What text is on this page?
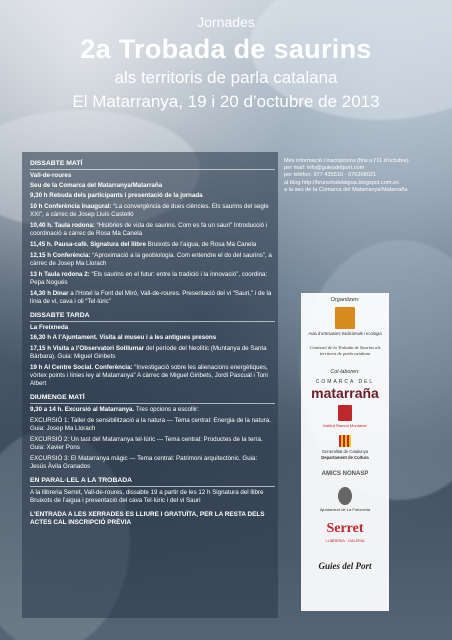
Jornades
2a Trobada de saurins
als territoris de parla catalana
El Matarranya, 19 i 20 d’octubre de 2013
DISSABTE MATÍ
Vall-de-roures
Seu de la Comarca del Matarranya/Matarraña
9,30 h Rebuda dels participants i presentació de la jornada
10 h Conferència inaugural: “La convergència de dues ciències. Els saurins del segle XXI”, a càrrec de Josep Lluís Castelló
10,40 h. Taula rodona: “Històries de vida de saurins. Com es fa un sauri” Introducció i coordinació a càrrec de Rosa Ma Canela
11,45 h. Pausa-cafè. Signatura del llibre Bruixots de l’aigua, de Rosa Ma Canela
12,15 h Conferència: “Aproximació a la geobiologia. Com entendre el do del saurins”, a càrrec de Josep Ma Llorach
13 h Taula rodona 2: “Els saurins en el futur: entre la tradició i la innovació”, coordina: Pepa Nogués
14,30 h Dinar a l’Hotel la Font del Miró, Vall-de-roures. Presentació del vi “Sauri,” i de la línia de vi, cava i oli “Tel·lúric”
DISSABTE TARDA
La Freixneda
16,30 h A l’Ajuntament. Visita al museu i a les antigues presons
17,15 h Visita a l’Observatori Solilumar del període del Neolític (Muntanya de Santa Bàrbara). Guia: Miguel Giribets
19 h Al Centre Social. Conferència: “Investigació sobre les alienacions energètiques, vòrtex points i línies ley al Matarranya” A càrrec de Miguel Giribets, Jordi Pascual i Toni Albert
DIUMENGE MATÍ
9,30 a 14 h. Excursió al Matarranya. Tres opcions a escollir:
EXCURSIÓ 1: Taller de sensibilització a la natura — Tema central: Energia de la natura. Guia: Josep Ma Llorach
EXCURSIÓ 2: Un tast del Matarranya tel·lúric — Tema central: Productes de la terra. Guia: Xavier Pons
EXCURSIÓ 3: El Matarranya màgic — Tema central: Patrimoni arquitectònic. Guia: Jesús Àvila Granados
EN PARAL·LEL A LA TROBADA
A la llibreria Serret, Vall-de-roures, dissabte 19 a partir de les 12 h Signatura del llibre Bruixots de l’aigua i presentació del cava Tel·lúric i del vi Sauri
L’ENTRADA A LES XERRADES ES LLIURE I GRATUÏTA, PER LA RESTA DELS ACTES CAL INSCRIPCIÓ PRÈVIA
Més informació i inscripcions (fins a l’11 d’octubre)
per mail: info@guiesdelport.com
per telèfon: 977 435515 - 676308021
al blog http://bruixotsdelaigua.blogspot.com.es
a la seu de la Comarca del Matarranya/Matarraña
Organitzen:
Aula d’artesanies tradicionals i ecologia
Comissió de la Trobada de Saurins als territoris de parla catalana
Col·laboren:
COMARCA DEL
matarraña
Institut Ramon Muntaner
Generalitat de Catalunya
Departament de Cultura
AMICS NONASP
Ajuntament de La Freixneda
Serret
LLIBRERIA · GALERIA
Guies del Port
